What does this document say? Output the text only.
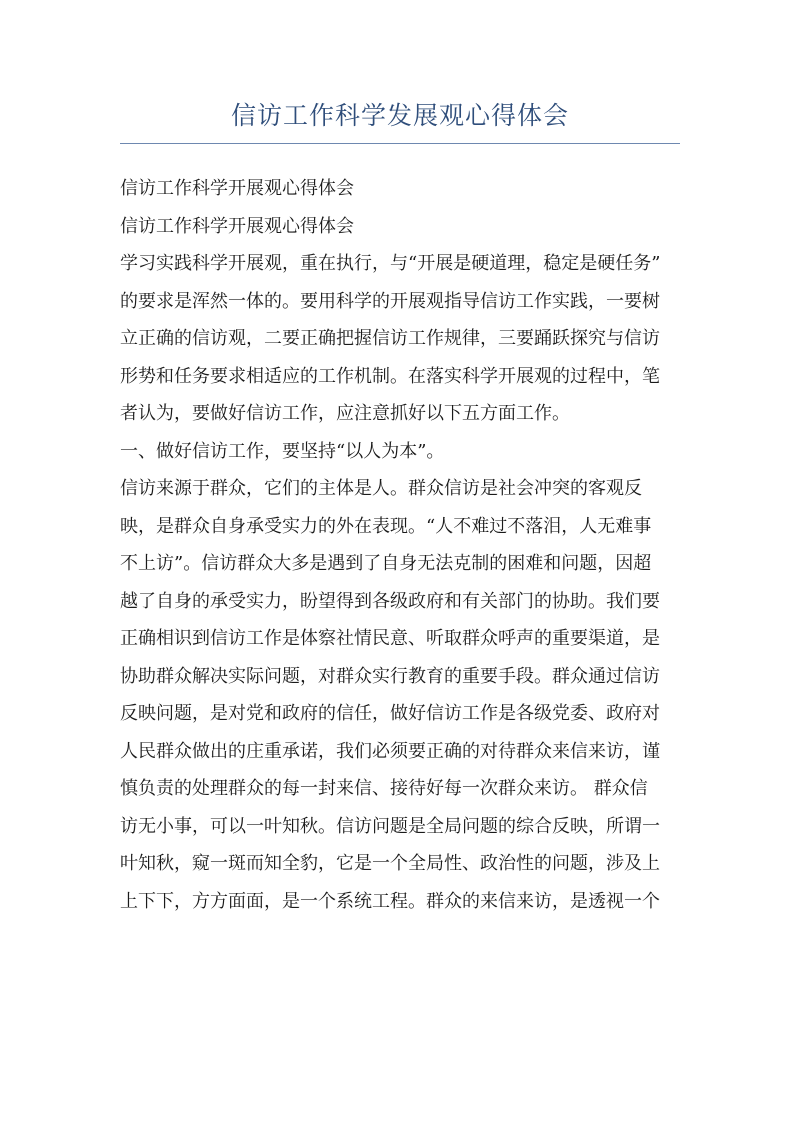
信访工作科学发展观心得体会
信访工作科学开展观心得体会
信访工作科学开展观心得体会
学习实践科学开展观，重在执行，与“开展是硬道理，稳定是硬任务”
的要求是浑然一体的。要用科学的开展观指导信访工作实践，一要树
立正确的信访观，二要正确把握信访工作规律，三要踊跃探究与信访
形势和任务要求相适应的工作机制。在落实科学开展观的过程中，笔
者认为，要做好信访工作，应注意抓好以下五方面工作。
一、做好信访工作，要坚持“以人为本”。
信访来源于群众，它们的主体是人。群众信访是社会冲突的客观反
映，是群众自身承受实力的外在表现。“人不难过不落泪，人无难事
不上访”。信访群众大多是遇到了自身无法克制的困难和问题，因超
越了自身的承受实力，盼望得到各级政府和有关部门的协助。我们要
正确相识到信访工作是体察社情民意、听取群众呼声的重要渠道，是
协助群众解决实际问题，对群众实行教育的重要手段。群众通过信访
反映问题，是对党和政府的信任，做好信访工作是各级党委、政府对
人民群众做出的庄重承诺，我们必须要正确的对待群众来信来访，谨
慎负责的处理群众的每一封来信、接待好每一次群众来访。 群众信
访无小事，可以一叶知秋。信访问题是全局问题的综合反映，所谓一
叶知秋，窥一斑而知全豹，它是一个全局性、政治性的问题，涉及上
上下下，方方面面，是一个系统工程。群众的来信来访，是透视一个
